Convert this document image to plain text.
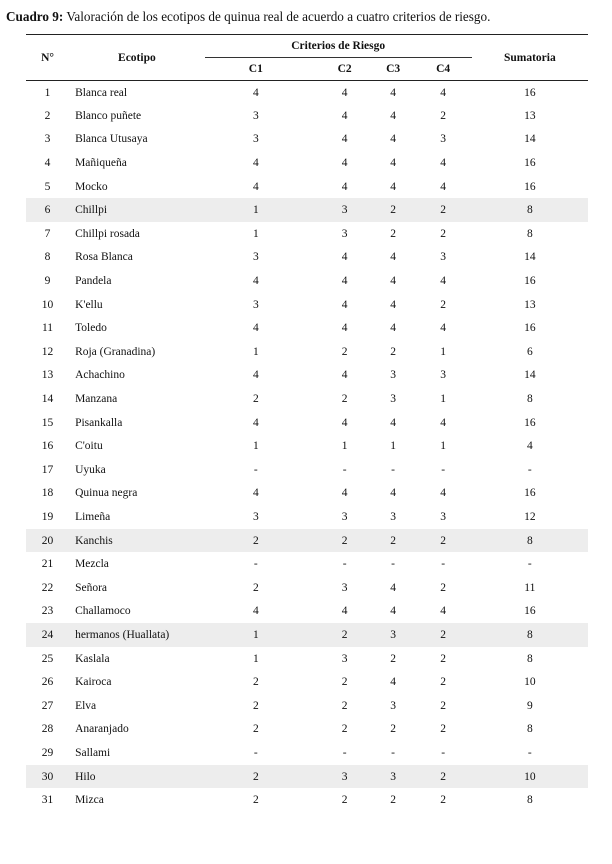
Cuadro 9: Valoración de los ecotipos de quinua real de acuerdo a cuatro criterios de riesgo.
N°	Ecotipo	Criterios de Riesgo					Sumatoria
		C1		C2	C3	C4	
1	Blanca real	4		4	4	4	16
2	Blanco puñete	3		4	4	2	13
3	Blanca Utusaya	3		4	4	3	14
4	Mañiqueña	4		4	4	4	16
5	Mocko	4		4	4	4	16
6	Chillpi	1		3	2	2	8
7	Chillpi rosada	1		3	2	2	8
8	Rosa Blanca	3		4	4	3	14
9	Pandela	4		4	4	4	16
10	K'ellu	3		4	4	2	13
11	Toledo	4		4	4	4	16
12	Roja (Granadina)	1		2	2	1	6
13	Achachino	4		4	3	3	14
14	Manzana	2		2	3	1	8
15	Pisankalla	4		4	4	4	16
16	C'oitu	1		1	1	1	4
17	Uyuka	-		-	-	-	-
18	Quinua negra	4		4	4	4	16
19	Limeña	3		3	3	3	12
20	Kanchis	2		2	2	2	8
21	Mezcla	-		-	-	-	-
22	Señora	2		3	4	2	11
23	Challamoco	4		4	4	4	16
24	hermanos (Huallata)	1		2	3	2	8
25	Kaslala	1		3	2	2	8
26	Kairoca	2		2	4	2	10
27	Elva	2		2	3	2	9
28	Anaranjado	2		2	2	2	8
29	Sallami	-		-	-	-	-
30	Hilo	2		3	3	2	10
31	Mizca	2		2	2	2	8
